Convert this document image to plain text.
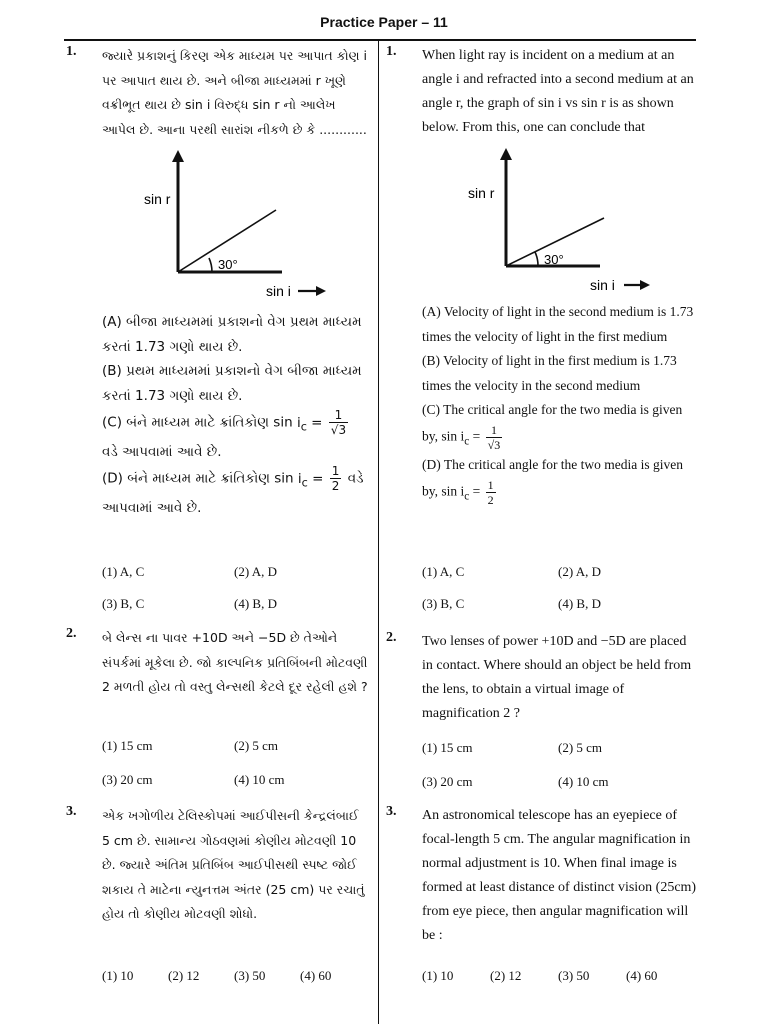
Practice Paper – 11
1. જ્યારે પ્રકાશનું કિરણ એક માધ્યમ પર આપાત કોણ i પર આપાત થાય છે. અને બીજા માધ્યમમાં r ખૂણે વક્રીભૂત થાય છે sin i વિરુદ્ધ sin r નો આલેખ આપેલ છે. આના પરથી સારાંશ નીકળે છે કે ............
sin r
30°
sin i
(A) બીજા માધ્યમમાં પ્રકાશનો વેગ પ્રથમ માધ્યમ કરતાં 1.73 ગણો થાય છે.
(B) પ્રથમ માધ્યમમાં પ્રકાશનો વેગ બીજા માધ્યમ કરતાં 1.73 ગણો થાય છે.
(C) બંને માધ્યમ માટે ક્રાંતિકોણ $\sin i_c = \frac{1}{√3}$
વડે આપવામાં આવે છે.
(D) બંને માધ્યમ માટે ક્રાંતિકોણ $\sin i_c = \frac{1}{2}$ વડે આપવામાં આવે છે.
(1) A, C	(2) A, D
(3) B, C	(4) B, D
2. બે લેન્સ ના પાવર +10D અને −5D છે તેઓને સંપર્કમાં મૂકેલા છે. જો કાલ્પનિક પ્રતિબિંબની મોટવણી 2 મળતી હોય તો વસ્તુ લેન્સથી કેટલે દૂર રહેલી હશે ?
(1) 15 cm	(2) 5 cm
(3) 20 cm	(4) 10 cm
3. એક ખગોળીય ટેલિસ્કોપમાં આઈપીસની કેન્દ્રલંબાઈ 5 cm છે. સામાન્ય ગોઠવણમાં કોણીય મોટવણી 10 છે. જ્યારે અંતિમ પ્રતિબિંબ આઈપીસથી સ્પષ્ટ જોઈ શકાય તે માટેના ન્યુનત્તમ અંતર (25 cm) પર રચાતું હોય તો કોણીય મોટવણી શોધો.
(1) 10	(2) 12	(3) 50	(4) 60
1. When light ray is incident on a medium at an angle i and refracted into a second medium at an angle r, the graph of sin i vs sin r is as shown below. From this, one can conclude that
sin r
30°
sin i
(A) Velocity of light in the second medium is 1.73 times the velocity of light in the first medium
(B) Velocity of light in the first medium is 1.73 times the velocity in the second medium
(C) The critical angle for the two media is given by, $\sin i_c = \frac{1}{√3}$
(D) The critical angle for the two media is given by, $\sin i_c = \frac{1}{2}$
(1) A, C	(2) A, D
(3) B, C	(4) B, D
2. Two lenses of power +10D and −5D are placed in contact. Where should an object be held from the lens, to obtain a virtual image of magnification 2 ?
(1) 15 cm	(2) 5 cm
(3) 20 cm	(4) 10 cm
3. An astronomical telescope has an eyepiece of focal-length 5 cm. The angular magnification in normal adjustment is 10. When final image is formed at least distance of distinct vision (25cm) from eye piece, then angular magnification will be :
(1) 10	(2) 12	(3) 50	(4) 60
